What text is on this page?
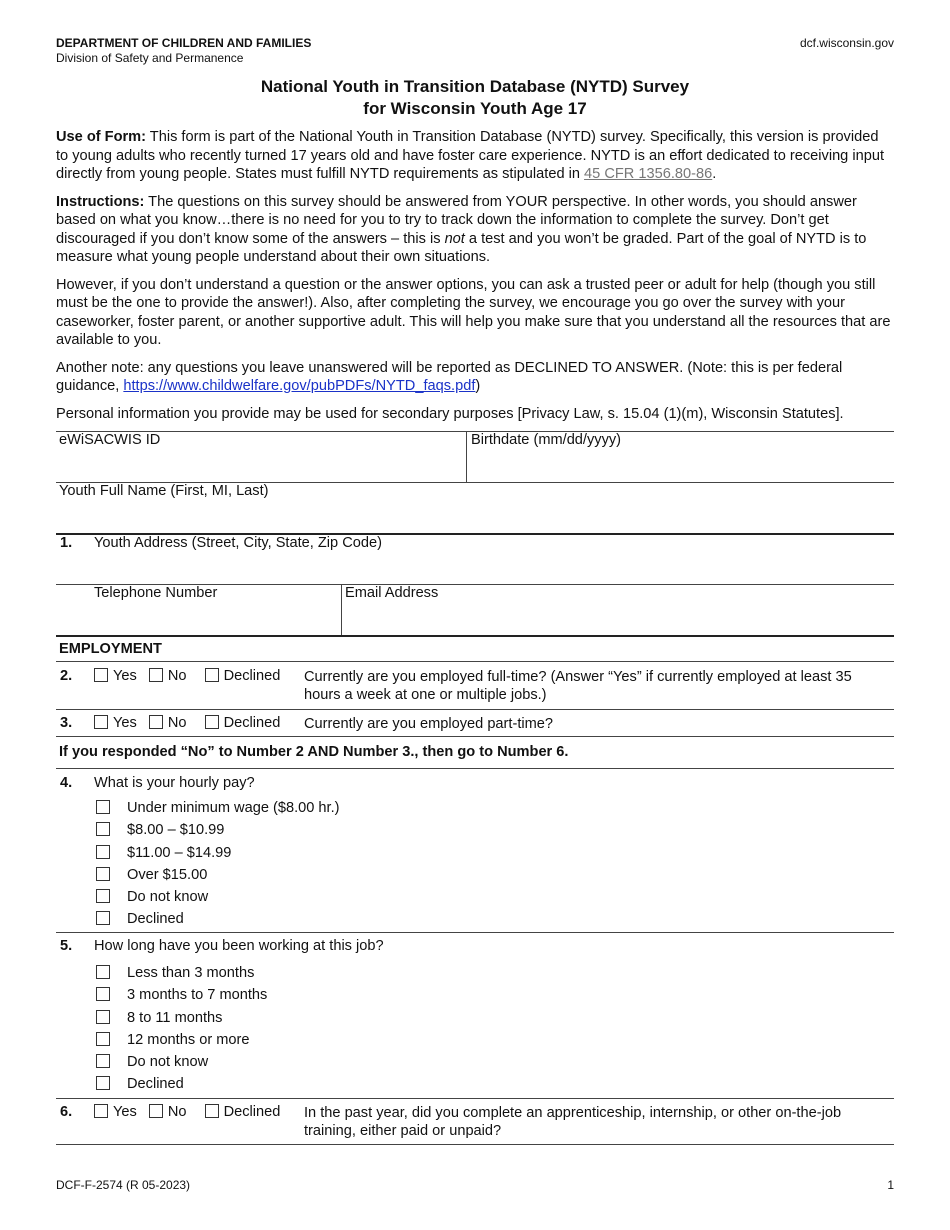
DEPARTMENT OF CHILDREN AND FAMILIES
Division of Safety and Permanence
dcf.wisconsin.gov
National Youth in Transition Database (NYTD) Survey
for Wisconsin Youth Age 17

Use of Form: This form is part of the National Youth in Transition Database (NYTD) survey. Specifically, this version is provided to young adults who recently turned 17 years old and have foster care experience. NYTD is an effort dedicated to receiving input directly from young people. States must fulfill NYTD requirements as stipulated in 45 CFR 1356.80-86.

Instructions: The questions on this survey should be answered from YOUR perspective. In other words, you should answer based on what you know…there is no need for you to try to track down the information to complete the survey. Don’t get discouraged if you don’t know some of the answers – this is not a test and you won’t be graded. Part of the goal of NYTD is to measure what young people understand about their own situations.

However, if you don’t understand a question or the answer options, you can ask a trusted peer or adult for help (though you still must be the one to provide the answer!). Also, after completing the survey, we encourage you go over the survey with your caseworker, foster parent, or another supportive adult. This will help you make sure that you understand all the resources that are available to you.

Another note: any questions you leave unanswered will be reported as DECLINED TO ANSWER. (Note: this is per federal guidance, https://www.childwelfare.gov/pubPDFs/NYTD_faqs.pdf)

Personal information you provide may be used for secondary purposes [Privacy Law, s. 15.04 (1)(m), Wisconsin Statutes].

eWiSACWIS ID	Birthdate (mm/dd/yyyy)
Youth Full Name (First, MI, Last)
1. Youth Address (Street, City, State, Zip Code)
Telephone Number	Email Address
EMPLOYMENT
2.	Yes No	Declined	Currently are you employed full-time? (Answer “Yes” if currently employed at least 35 hours a week at one or multiple jobs.)
3.	Yes No	Declined	Currently are you employed part-time?
If you responded “No” to Number 2 AND Number 3., then go to Number 6.
4. What is your hourly pay?
Under minimum wage ($8.00 hr.)
$8.00 – $10.99
$11.00 – $14.99
Over $15.00
Do not know
Declined
5. How long have you been working at this job?
Less than 3 months
3 months to 7 months
8 to 11 months
12 months or more
Do not know
Declined
6.	Yes No	Declined	In the past year, did you complete an apprenticeship, internship, or other on-the-job training, either paid or unpaid?
DCF-F-2574 (R 05-2023)	1
